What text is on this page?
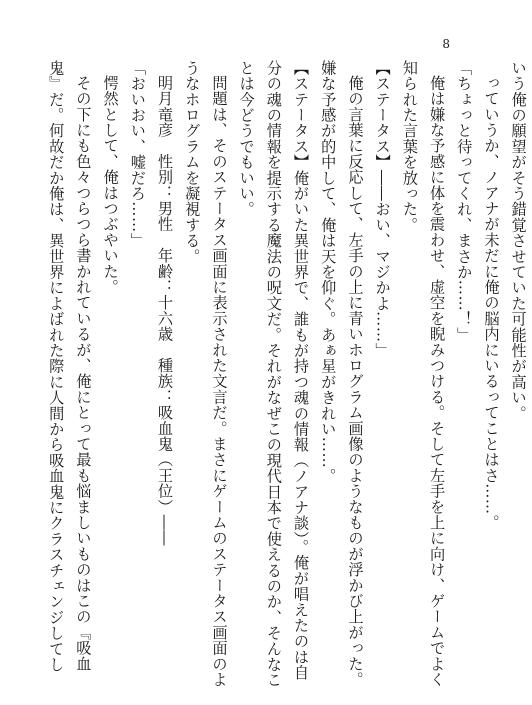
8

いう俺の願望がそう錯覚させていた可能性が高い。

っていうか、ノアナが未だに俺の脳内にいるってことはさ……。

「ちょっと待ってくれ、まさか……！」

俺は嫌な予感に体を震わせ、虚空を睨みつける。そして左手を上に向け、ゲームでよく

知られた言葉を放った。

【ステータス】――おい、マジかよ……」

俺の言葉に反応して、左手の上に青いホログラム画像のようなものが浮かび上がった。

嫌な予感が的中して、俺は天を仰ぐ。あぁ星がきれい……。

【ステータス】俺がいた異世界で、誰もが持つ魂の情報（ノアナ談）。俺が唱えたのは自

分の魂の情報を提示する魔法の呪文だ。それがなぜこの現代日本で使えるのか、そんなこ

とは今どうでもいい。

問題は、そのステータス画面に表示された文言だ。まさにゲームのステータス画面のよ

うなホログラムを凝視する。

明月竜彦　性別：男性　年齢：十六歳　種族：吸血鬼（王位）――

「おいおい、嘘だろ……」

愕然として、俺はつぶやいた。

その下にも色々つらつら書かれているが、俺にとって最も悩ましいものはこの『吸血

鬼』だ。何故だか俺は、異世界によばれた際に人間から吸血鬼にクラスチェンジしてし
